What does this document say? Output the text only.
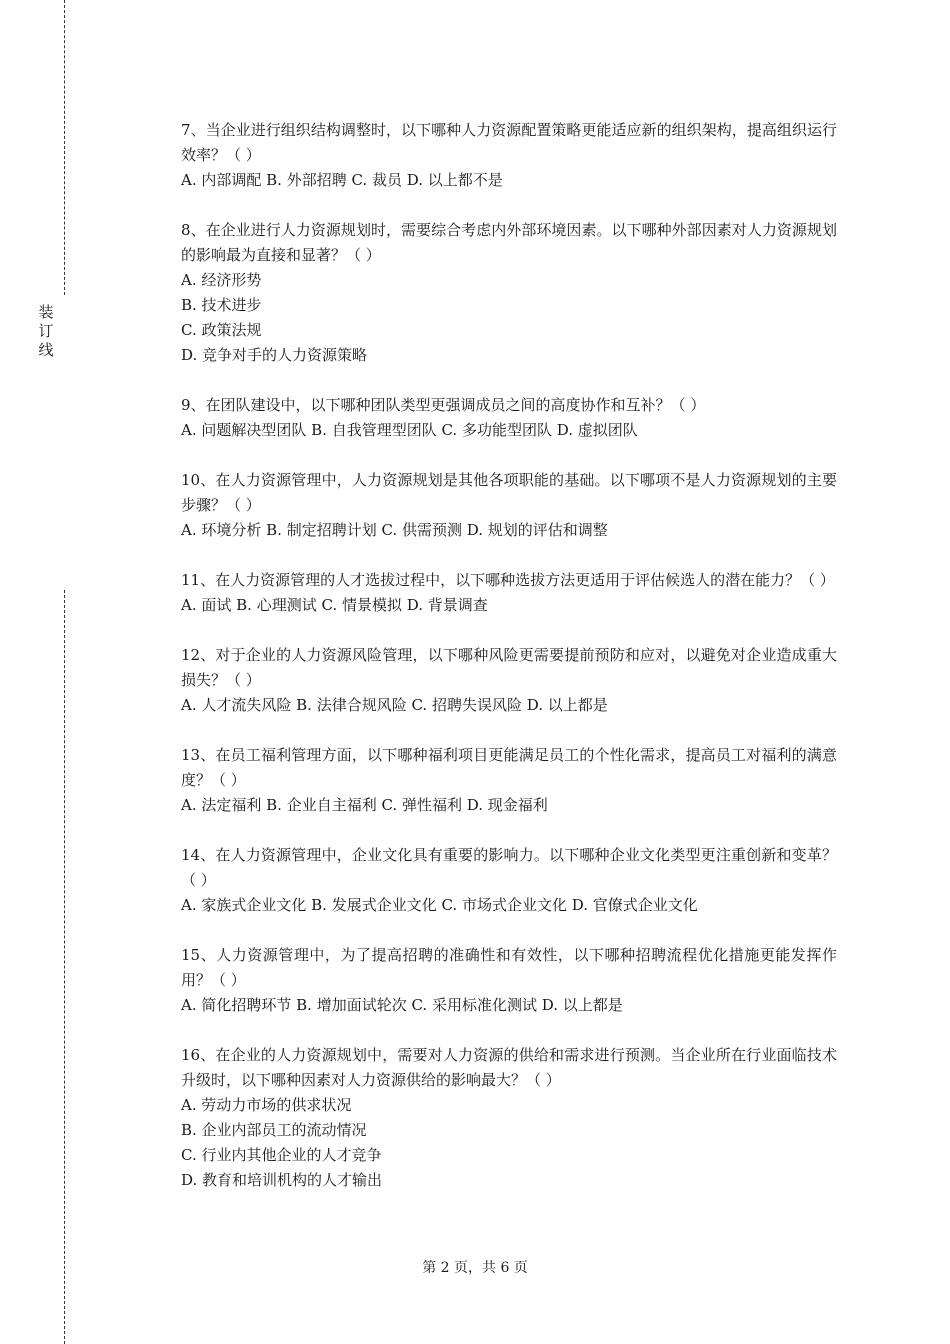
装订线
7、当企业进行组织结构调整时，以下哪种人力资源配置策略更能适应新的组织架构，提高组织运行效率？（ ）
A. 内部调配 B. 外部招聘 C. 裁员 D. 以上都不是
8、在企业进行人力资源规划时，需要综合考虑内外部环境因素。以下哪种外部因素对人力资源规划的影响最为直接和显著？（ ）
A. 经济形势
B. 技术进步
C. 政策法规
D. 竞争对手的人力资源策略
9、在团队建设中，以下哪种团队类型更强调成员之间的高度协作和互补？（ ）
A. 问题解决型团队 B. 自我管理型团队 C. 多功能型团队 D. 虚拟团队
10、在人力资源管理中，人力资源规划是其他各项职能的基础。以下哪项不是人力资源规划的主要步骤？（ ）
A. 环境分析 B. 制定招聘计划 C. 供需预测 D. 规划的评估和调整
11、在人力资源管理的人才选拔过程中，以下哪种选拔方法更适用于评估候选人的潜在能力？（ ）
A. 面试 B. 心理测试 C. 情景模拟 D. 背景调查
12、对于企业的人力资源风险管理，以下哪种风险更需要提前预防和应对，以避免对企业造成重大损失？（ ）
A. 人才流失风险 B. 法律合规风险 C. 招聘失误风险 D. 以上都是
13、在员工福利管理方面，以下哪种福利项目更能满足员工的个性化需求，提高员工对福利的满意度？（ ）
A. 法定福利 B. 企业自主福利 C. 弹性福利 D. 现金福利
14、在人力资源管理中，企业文化具有重要的影响力。以下哪种企业文化类型更注重创新和变革？（ ）
A. 家族式企业文化 B. 发展式企业文化 C. 市场式企业文化 D. 官僚式企业文化
15、人力资源管理中，为了提高招聘的准确性和有效性，以下哪种招聘流程优化措施更能发挥作用？（ ）
A. 简化招聘环节 B. 增加面试轮次 C. 采用标准化测试 D. 以上都是
16、在企业的人力资源规划中，需要对人力资源的供给和需求进行预测。当企业所在行业面临技术升级时，以下哪种因素对人力资源供给的影响最大？（ ）
A. 劳动力市场的供求状况
B. 企业内部员工的流动情况
C. 行业内其他企业的人才竞争
D. 教育和培训机构的人才输出
第 2 页，共 6 页
